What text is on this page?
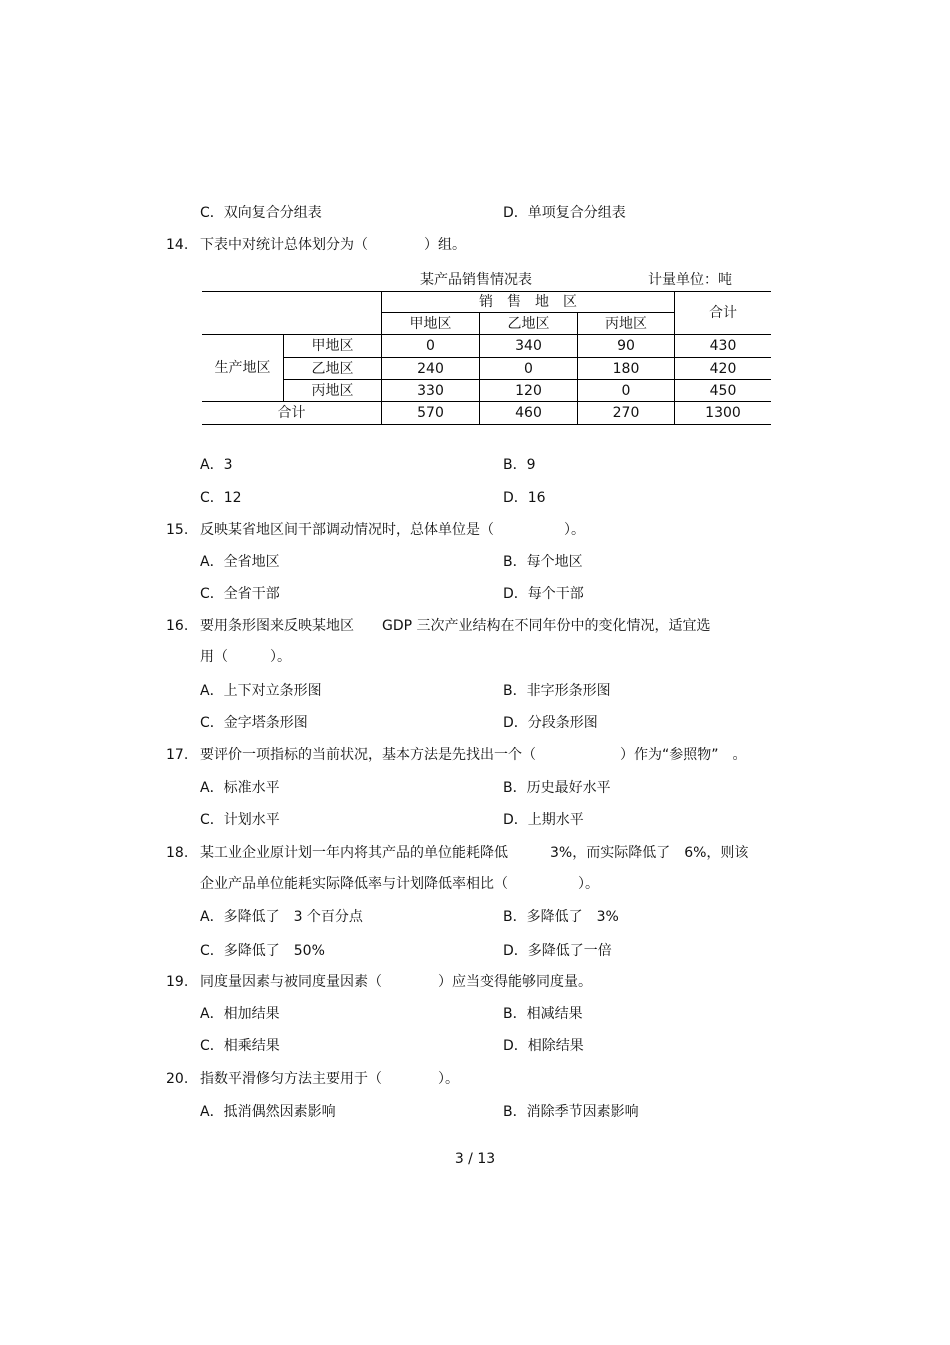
C．双向复合分组表	D．单项复合分组表
14. 下表中对统计总体划分为（　　　　）组。
某产品销售情况表	计量单位：吨
		销　售　地　区			合计
		甲地区	乙地区	丙地区	
生产地区	甲地区	0	340	90	430
	乙地区	240	0	180	420
	丙地区	330	120	0	450
合计		570	460	270	1300
A．3	B．9
C．12	D．16
15. 反映某省地区间干部调动情况时，总体单位是（　　　　　）。
A．全省地区	B．每个地区
C．全省干部	D．每个干部
16. 要用条形图来反映某地区　　GDP 三次产业结构在不同年份中的变化情况，适宜选
用（　　　）。
A．上下对立条形图	B．非字形条形图
C．金字塔条形图	D．分段条形图
17. 要评价一项指标的当前状况，基本方法是先找出一个（　　　　　　）作为“参照物”　。
A．标准水平	B．历史最好水平
C．计划水平	D．上期水平
18. 某工业企业原计划一年内将其产品的单位能耗降低　　　3%，而实际降低了　6%，则该
企业产品单位能耗实际降低率与计划降低率相比（　　　　　）。
A．多降低了　3 个百分点	B．多降低了　3%
C．多降低了　50%	D．多降低了一倍
19. 同度量因素与被同度量因素（　　　　）应当变得能够同度量。
A．相加结果	B．相减结果
C．相乘结果	D．相除结果
20. 指数平滑修匀方法主要用于（　　　　）。
A．抵消偶然因素影响	B．消除季节因素影响
3 / 13
